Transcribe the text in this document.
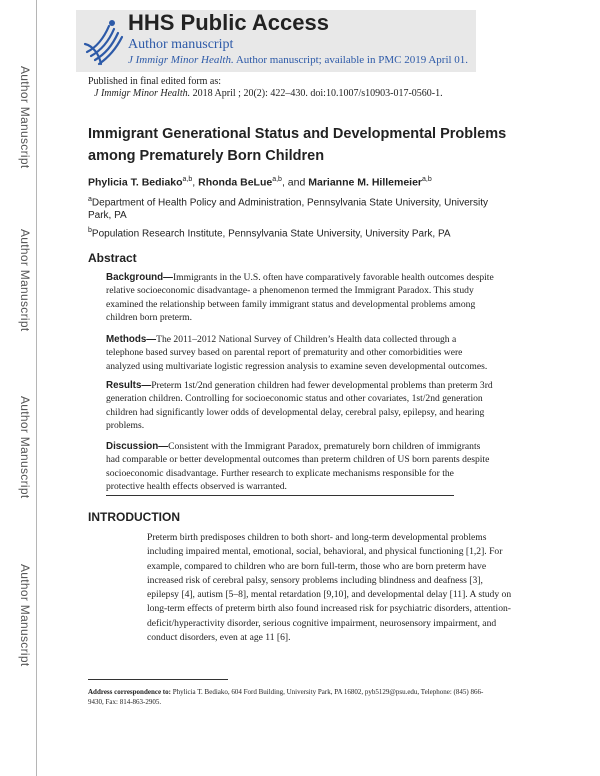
Author Manuscript
Author Manuscript
Author Manuscript
Author Manuscript
HHS Public Access
Author manuscript
J Immigr Minor Health. Author manuscript; available in PMC 2019 April 01.
Published in final edited form as:
J Immigr Minor Health. 2018 April ; 20(2): 422–430. doi:10.1007/s10903-017-0560-1.
Immigrant Generational Status and Developmental Problems among Prematurely Born Children
Phylicia T. Bediako$^{a,b}$, Rhonda BeLue$^{a,b}$, and Marianne M. Hillemeier$^{a,b}$
$^a$Department of Health Policy and Administration, Pennsylvania State University, University Park, PA
$^b$Population Research Institute, Pennsylvania State University, University Park, PA
Abstract
Background—Immigrants in the U.S. often have comparatively favorable health outcomes despite relative socioeconomic disadvantage- a phenomenon termed the Immigrant Paradox. This study examined the relationship between family immigrant status and developmental problems among children born preterm.
Methods—The 2011–2012 National Survey of Children’s Health data collected through a telephone based survey based on parental report of prematurity and other comorbidities were analyzed using multivariate logistic regression analysis to examine seven developmental outcomes.
Results—Preterm 1st/2nd generation children had fewer developmental problems than preterm 3rd generation children. Controlling for socioeconomic status and other covariates, 1st/2nd generation children had significantly lower odds of developmental delay, cerebral palsy, epilepsy, and hearing problems.
Discussion—Consistent with the Immigrant Paradox, prematurely born children of immigrants had comparable or better developmental outcomes than preterm children of US born parents despite socioeconomic disadvantage. Further research to explicate mechanisms responsible for the protective health effects observed is warranted.
INTRODUCTION
Preterm birth predisposes children to both short- and long-term developmental problems including impaired mental, emotional, social, behavioral, and physical functioning [1,2]. For example, compared to children who are born full-term, those who are born preterm have increased risk of cerebral palsy, sensory problems including blindness and deafness [3], epilepsy [4], autism [5–8], mental retardation [9,10], and developmental delay [11]. A study on long-term effects of preterm birth also found increased risk for psychiatric disorders, attention-deficit/hyperactivity disorder, serious cognitive impairment, neurosensory impairment, and conduct disorders, even at age 11 [6].
Address correspondence to: Phylicia T. Bediako, 604 Ford Building, University Park, PA 16802, pyb5129@psu.edu, Telephone: (845) 866-9430, Fax: 814-863-2905.
